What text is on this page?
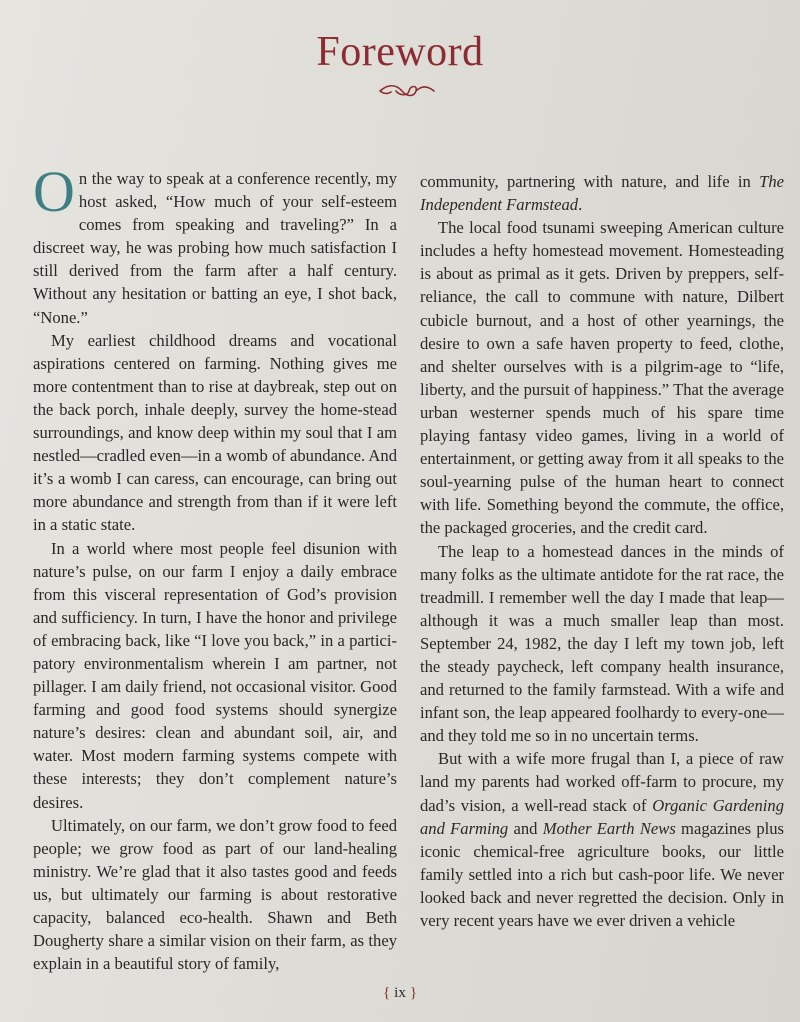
Foreword

On the way to speak at a conference recently, my host asked, “How much of your self-esteem comes from speaking and traveling?” In a discreet way, he was probing how much satisfaction I still derived from the farm after a half century. Without any hesitation or batting an eye, I shot back, “None.”

My earliest childhood dreams and vocational aspirations centered on farming. Nothing gives me more contentment than to rise at daybreak, step out on the back porch, inhale deeply, survey the home-stead surroundings, and know deep within my soul that I am nestled—cradled even—in a womb of abundance. And it’s a womb I can caress, can encourage, can bring out more abundance and strength from than if it were left in a static state.

In a world where most people feel disunion with nature’s pulse, on our farm I enjoy a daily embrace from this visceral representation of God’s provision and sufficiency. In turn, I have the honor and privilege of embracing back, like “I love you back,” in a partici-patory environmentalism wherein I am partner, not pillager. I am daily friend, not occasional visitor. Good farming and good food systems should synergize nature’s desires: clean and abundant soil, air, and water. Most modern farming systems compete with these interests; they don’t complement nature’s desires.

Ultimately, on our farm, we don’t grow food to feed people; we grow food as part of our land-healing ministry. We’re glad that it also tastes good and feeds us, but ultimately our farming is about restorative capacity, balanced eco-health. Shawn and Beth Dougherty share a similar vision on their farm, as they explain in a beautiful story of family,

community, partnering with nature, and life in The Independent Farmstead.

The local food tsunami sweeping American culture includes a hefty homestead movement. Homesteading is about as primal as it gets. Driven by preppers, self-reliance, the call to commune with nature, Dilbert cubicle burnout, and a host of other yearnings, the desire to own a safe haven property to feed, clothe, and shelter ourselves with is a pilgrim-age to “life, liberty, and the pursuit of happiness.” That the average urban westerner spends much of his spare time playing fantasy video games, living in a world of entertainment, or getting away from it all speaks to the soul-yearning pulse of the human heart to connect with life. Something beyond the commute, the office, the packaged groceries, and the credit card.

The leap to a homestead dances in the minds of many folks as the ultimate antidote for the rat race, the treadmill. I remember well the day I made that leap—although it was a much smaller leap than most. September 24, 1982, the day I left my town job, left the steady paycheck, left company health insurance, and returned to the family farmstead. With a wife and infant son, the leap appeared foolhardy to every-one—and they told me so in no uncertain terms.

But with a wife more frugal than I, a piece of raw land my parents had worked off-farm to procure, my dad’s vision, a well-read stack of Organic Gardening and Farming and Mother Earth News magazines plus iconic chemical-free agriculture books, our little family settled into a rich but cash-poor life. We never looked back and never regretted the decision. Only in very recent years have we ever driven a vehicle

{ ix }
